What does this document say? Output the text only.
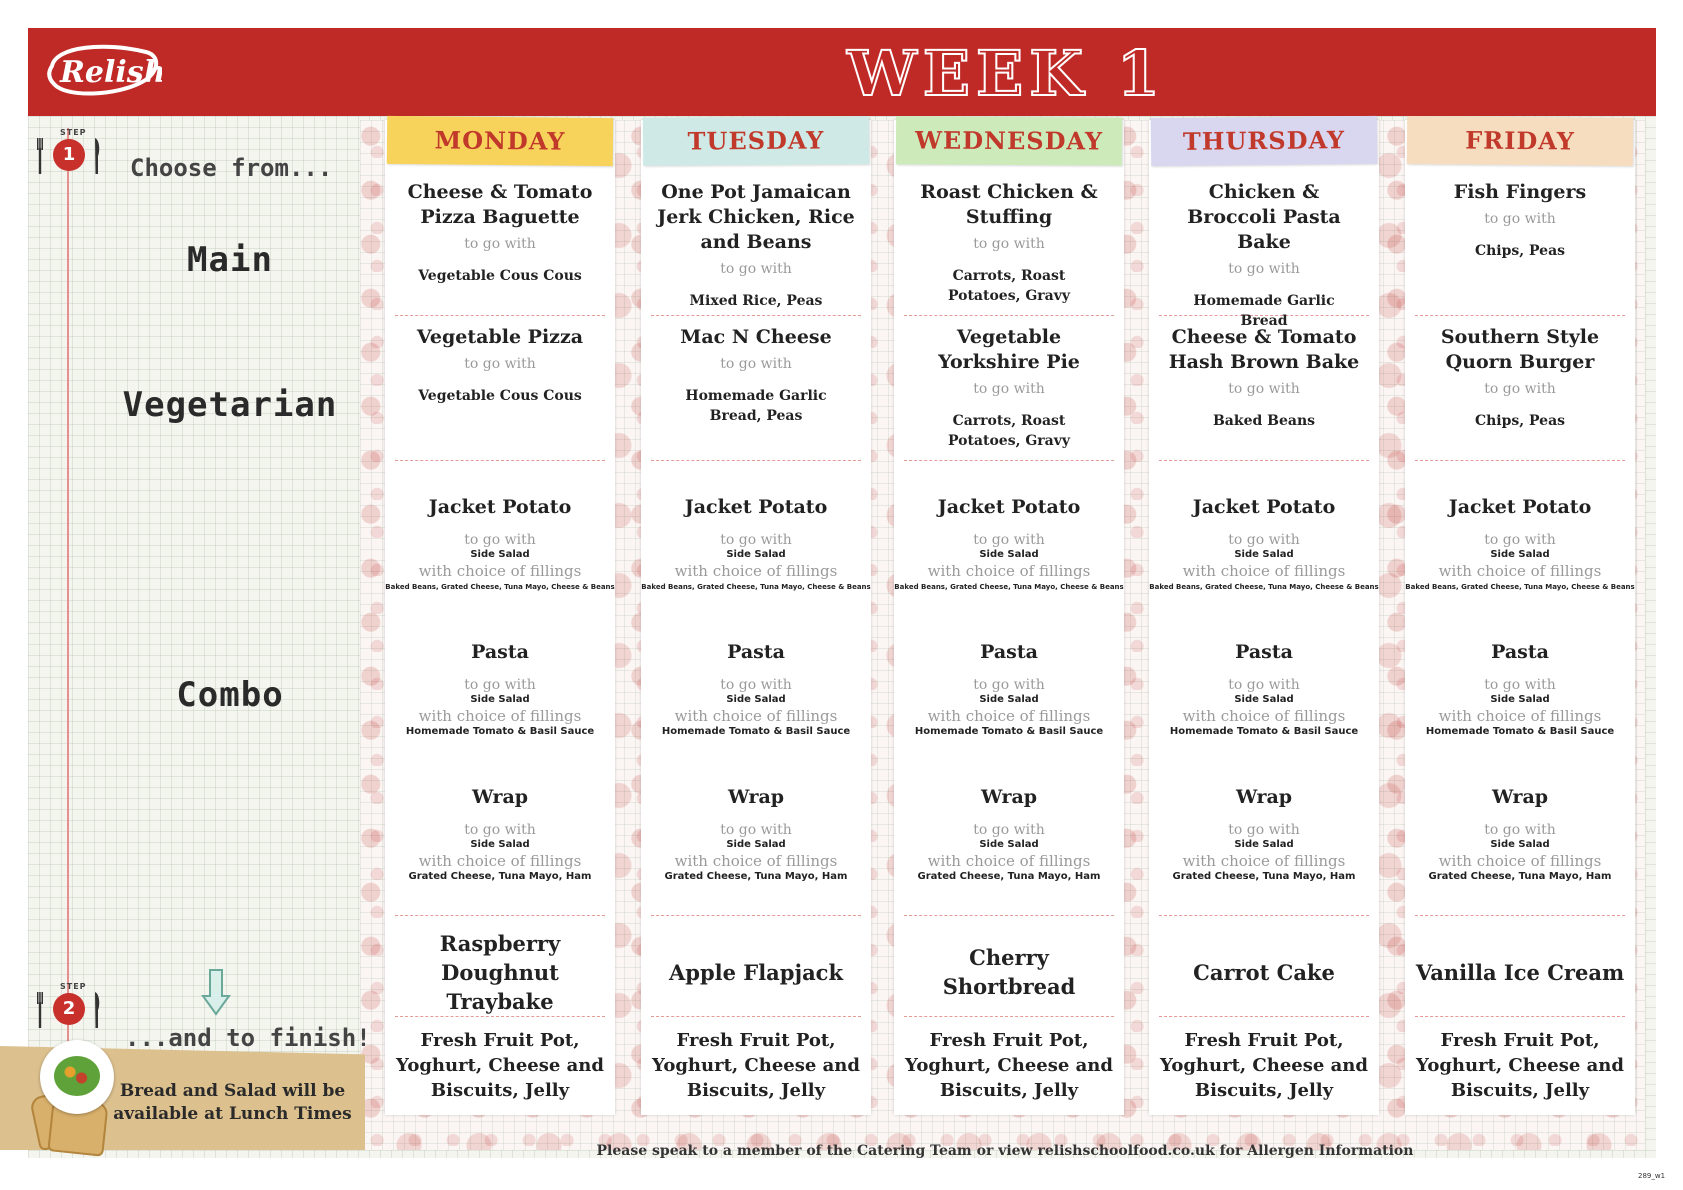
Relish	WEEK 1
STEP
1	Choose from...
Main
Vegetarian
Combo
STEP
2
...and to finish!
Bread and Salad will be available at Lunch Times
MONDAY
Cheese & Tomato Pizza Baguette
to go with
Vegetable Cous Cous
Vegetable Pizza
to go with
Vegetable Cous Cous
Jacket Potato
to go with
Side Salad
with choice of fillings
Baked Beans, Grated Cheese, Tuna Mayo, Cheese & Beans
Pasta
to go with
Side Salad
with choice of fillings
Homemade Tomato & Basil Sauce
Wrap
to go with
Side Salad
with choice of fillings
Grated Cheese, Tuna Mayo, Ham
Raspberry Doughnut Traybake
Fresh Fruit Pot, Yoghurt, Cheese and Biscuits, Jelly
TUESDAY
One Pot Jamaican Jerk Chicken, Rice and Beans
to go with
Mixed Rice, Peas
Mac N Cheese
to go with
Homemade Garlic Bread, Peas
Jacket Potato
to go with
Side Salad
with choice of fillings
Baked Beans, Grated Cheese, Tuna Mayo, Cheese & Beans
Pasta
to go with
Side Salad
with choice of fillings
Homemade Tomato & Basil Sauce
Wrap
to go with
Side Salad
with choice of fillings
Grated Cheese, Tuna Mayo, Ham
Apple Flapjack
Fresh Fruit Pot, Yoghurt, Cheese and Biscuits, Jelly
WEDNESDAY
Roast Chicken & Stuffing
to go with
Carrots, Roast Potatoes, Gravy
Vegetable Yorkshire Pie
to go with
Carrots, Roast Potatoes, Gravy
Jacket Potato
to go with
Side Salad
with choice of fillings
Baked Beans, Grated Cheese, Tuna Mayo, Cheese & Beans
Pasta
to go with
Side Salad
with choice of fillings
Homemade Tomato & Basil Sauce
Wrap
to go with
Side Salad
with choice of fillings
Grated Cheese, Tuna Mayo, Ham
Cherry Shortbread
Fresh Fruit Pot, Yoghurt, Cheese and Biscuits, Jelly
THURSDAY
Chicken & Broccoli Pasta Bake
to go with
Homemade Garlic Bread
Cheese & Tomato Hash Brown Bake
to go with
Baked Beans
Jacket Potato
to go with
Side Salad
with choice of fillings
Baked Beans, Grated Cheese, Tuna Mayo, Cheese & Beans
Pasta
to go with
Side Salad
with choice of fillings
Homemade Tomato & Basil Sauce
Wrap
to go with
Side Salad
with choice of fillings
Grated Cheese, Tuna Mayo, Ham
Carrot Cake
Fresh Fruit Pot, Yoghurt, Cheese and Biscuits, Jelly
FRIDAY
Fish Fingers
to go with
Chips, Peas
Southern Style Quorn Burger
to go with
Chips, Peas
Jacket Potato
to go with
Side Salad
with choice of fillings
Baked Beans, Grated Cheese, Tuna Mayo, Cheese & Beans
Pasta
to go with
Side Salad
with choice of fillings
Homemade Tomato & Basil Sauce
Wrap
to go with
Side Salad
with choice of fillings
Grated Cheese, Tuna Mayo, Ham
Vanilla Ice Cream
Fresh Fruit Pot, Yoghurt, Cheese and Biscuits, Jelly
Please speak to a member of the Catering Team or view relishschoolfood.co.uk for Allergen Information
289_w1
